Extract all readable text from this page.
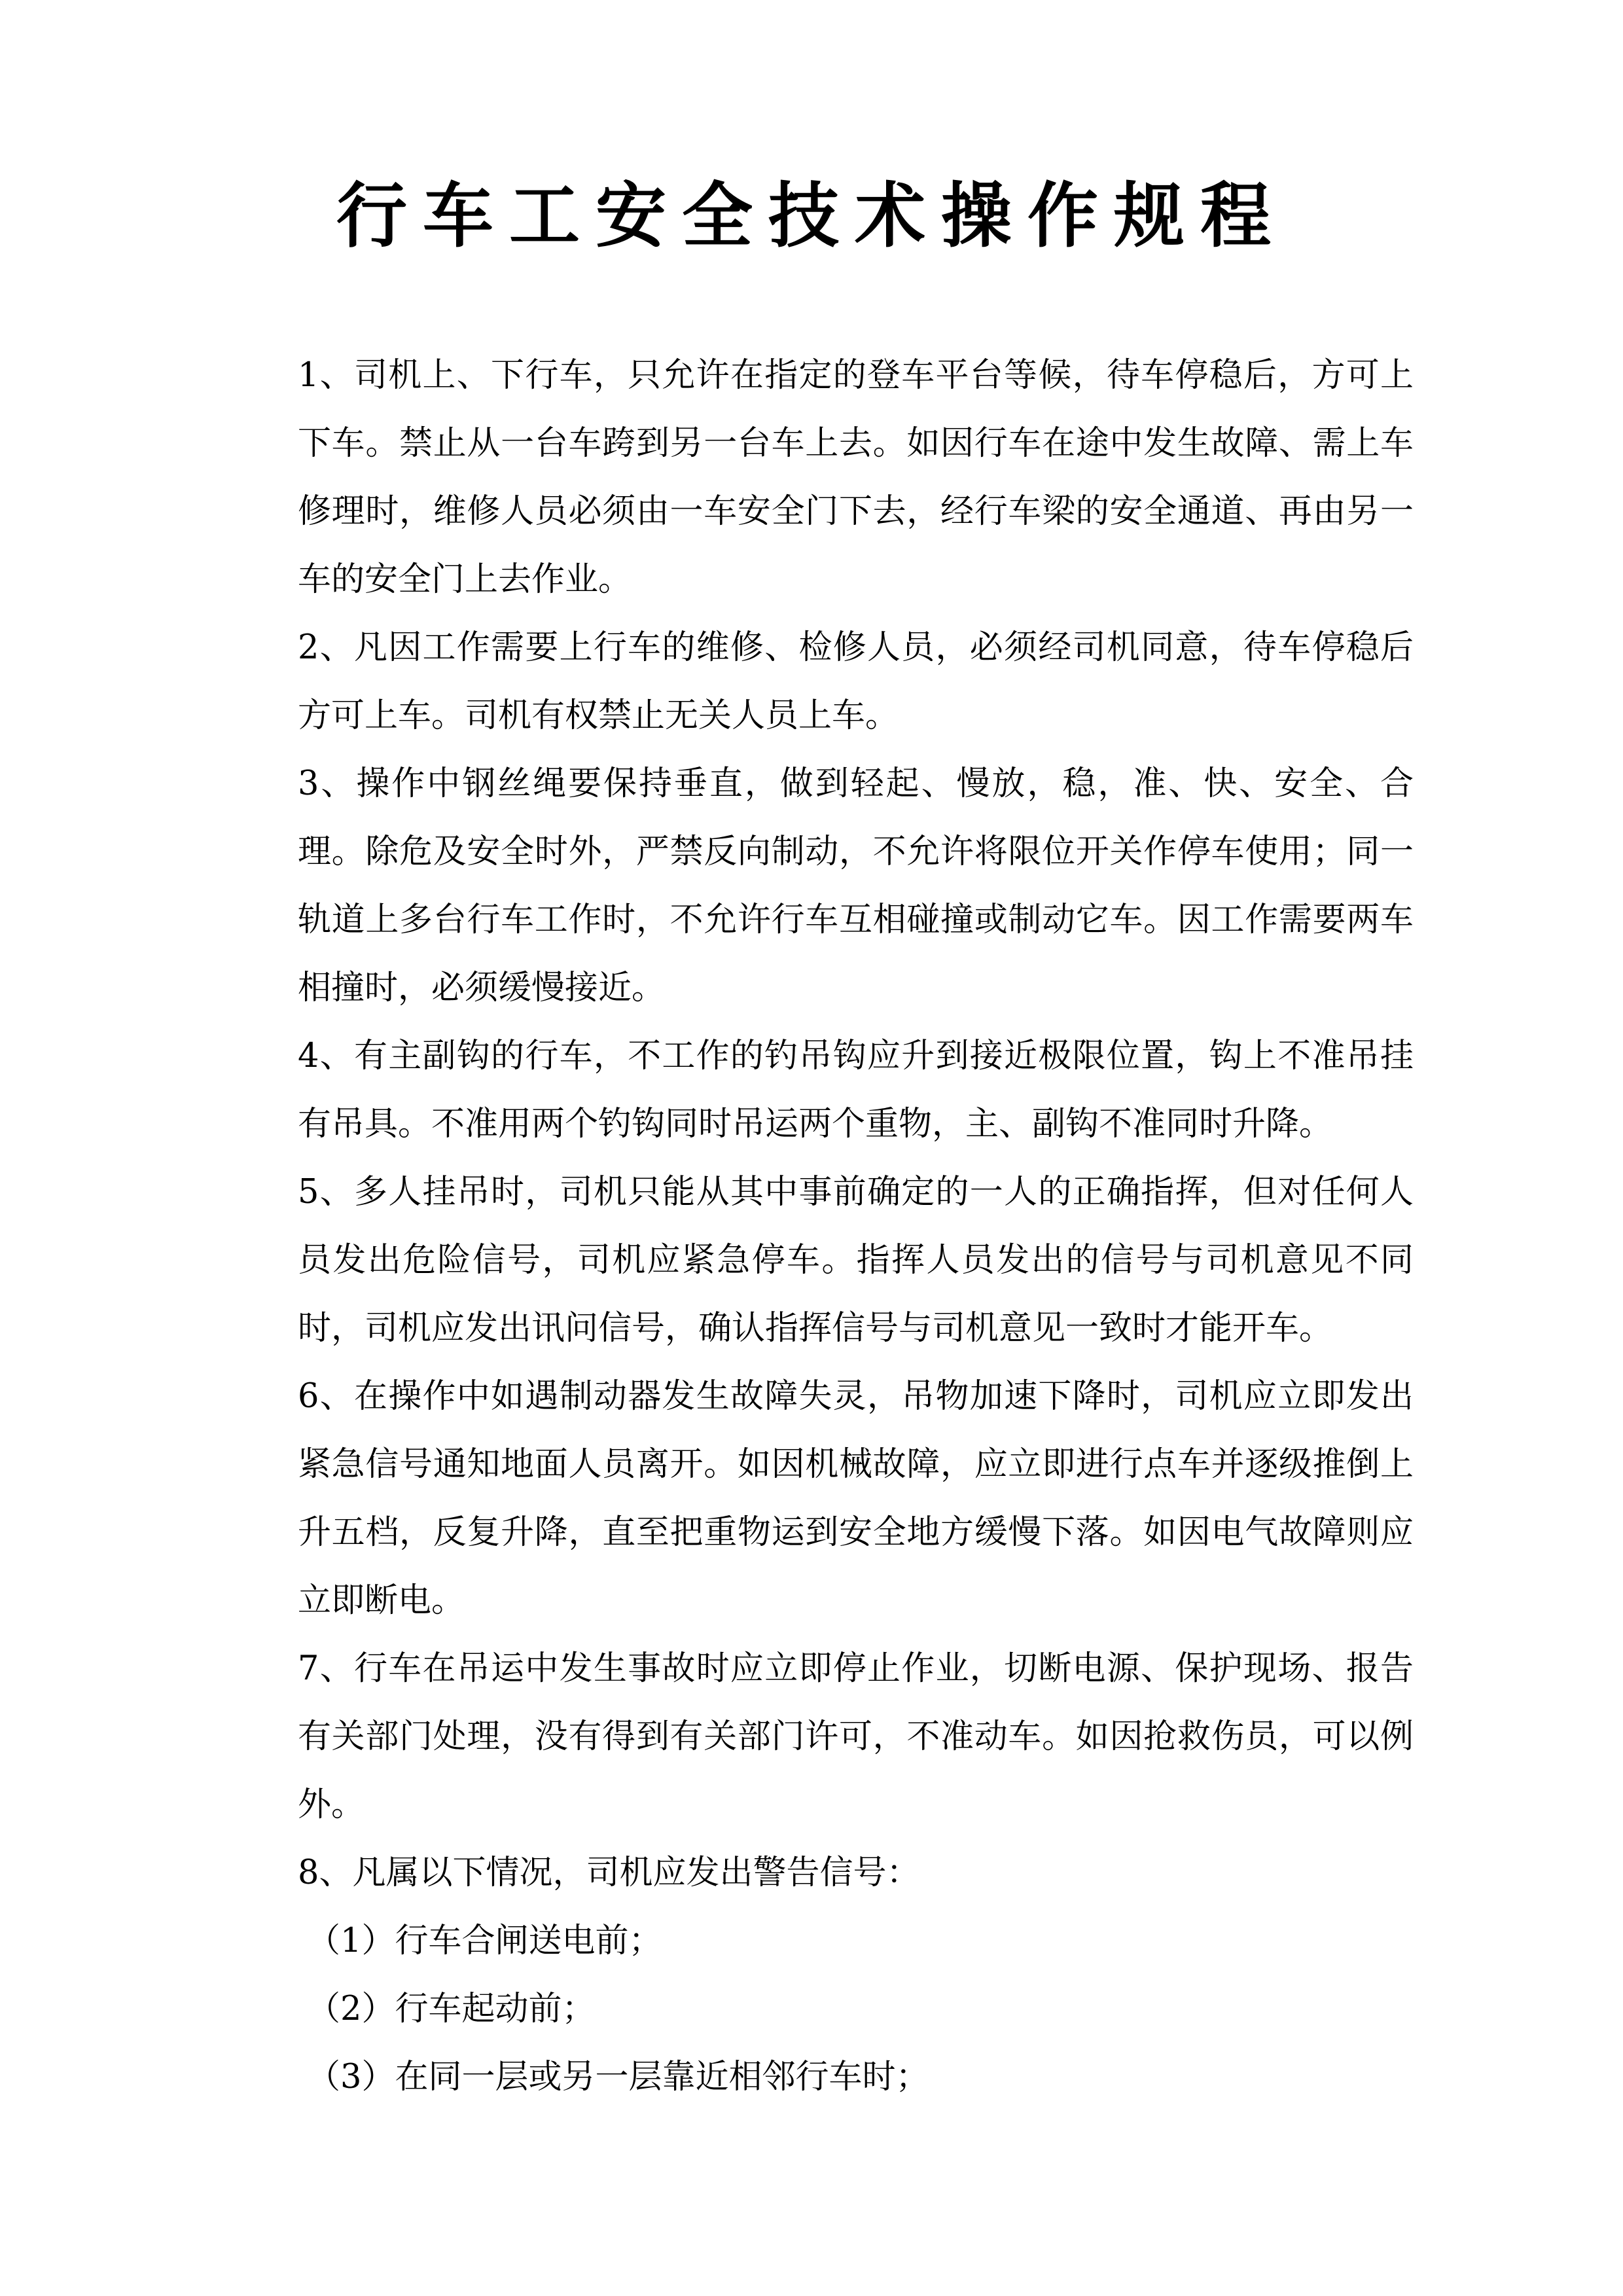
行车工安全技术操作规程

1、司机上、下行车，只允许在指定的登车平台等候，待车停稳后，方可上下车。禁止从一台车跨到另一台车上去。如因行车在途中发生故障、需上车修理时，维修人员必须由一车安全门下去，经行车梁的安全通道、再由另一车的安全门上去作业。

2、凡因工作需要上行车的维修、检修人员，必须经司机同意，待车停稳后方可上车。司机有权禁止无关人员上车。

3、操作中钢丝绳要保持垂直，做到轻起、慢放，稳，准、快、安全、合理。除危及安全时外，严禁反向制动，不允许将限位开关作停车使用；同一轨道上多台行车工作时，不允许行车互相碰撞或制动它车。因工作需要两车相撞时，必须缓慢接近。

4、有主副钩的行车，不工作的钓吊钩应升到接近极限位置，钩上不准吊挂有吊具。不准用两个钓钩同时吊运两个重物，主、副钩不准同时升降。

5、多人挂吊时，司机只能从其中事前确定的一人的正确指挥，但对任何人员发出危险信号，司机应紧急停车。指挥人员发出的信号与司机意见不同时，司机应发出讯问信号，确认指挥信号与司机意见一致时才能开车。

6、在操作中如遇制动器发生故障失灵，吊物加速下降时，司机应立即发出紧急信号通知地面人员离开。如因机械故障，应立即进行点车并逐级推倒上升五档，反复升降，直至把重物运到安全地方缓慢下落。如因电气故障则应立即断电。

7、行车在吊运中发生事故时应立即停止作业，切断电源、保护现场、报告有关部门处理，没有得到有关部门许可，不准动车。如因抢救伤员，可以例外。

8、凡属以下情况，司机应发出警告信号：

（1）行车合闸送电前；

（2）行车起动前；

（3）在同一层或另一层靠近相邻行车时；
